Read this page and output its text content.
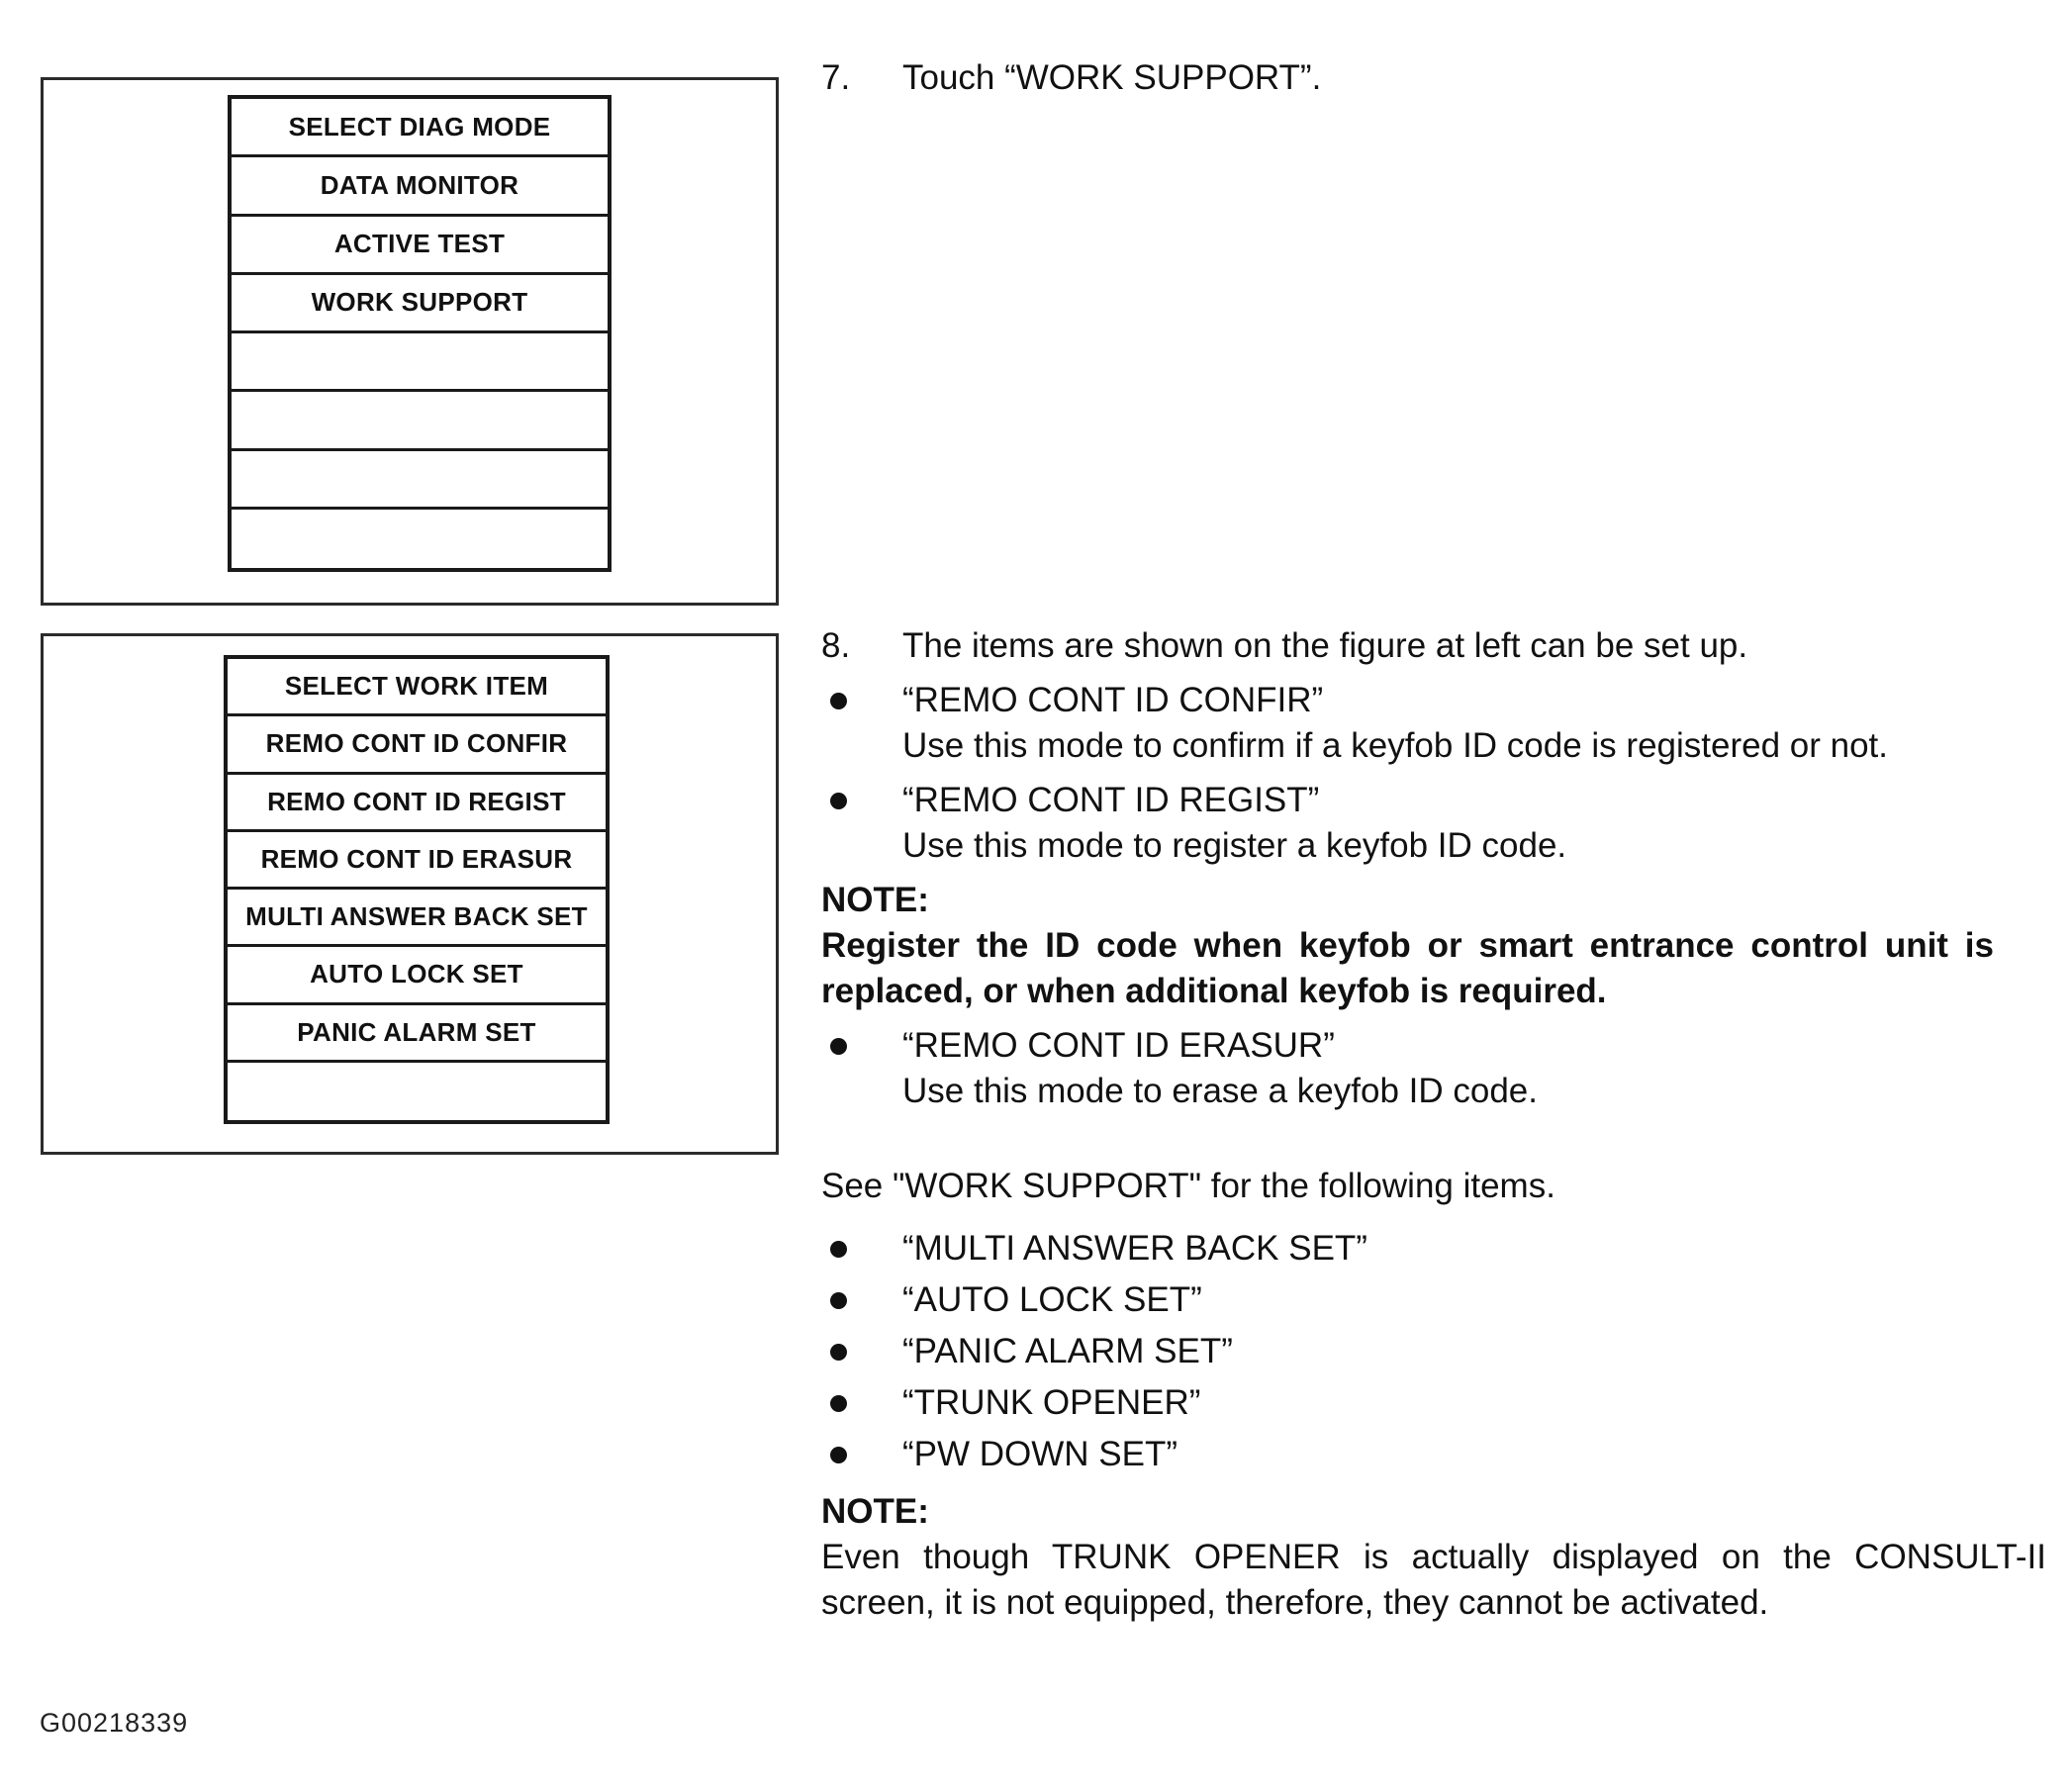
SELECT DIAG MODE
DATA MONITOR
ACTIVE TEST
WORK SUPPORT
SELECT WORK ITEM
REMO CONT ID CONFIR
REMO CONT ID REGIST
REMO CONT ID ERASUR
MULTI ANSWER BACK SET
AUTO LOCK SET
PANIC ALARM SET
7.	Touch “WORK SUPPORT”.
8.	The items are shown on the figure at left can be set up.
“REMO CONT ID CONFIR”
Use this mode to confirm if a keyfob ID code is registered or not.
“REMO CONT ID REGIST”
Use this mode to register a keyfob ID code.
NOTE:
Register the ID code when keyfob or smart entrance control unit is replaced, or when additional keyfob is required.
“REMO CONT ID ERASUR”
Use this mode to erase a keyfob ID code.
See "WORK SUPPORT" for the following items.
“MULTI ANSWER BACK SET”
“AUTO LOCK SET”
“PANIC ALARM SET”
“TRUNK OPENER”
“PW DOWN SET”
NOTE:
Even though TRUNK OPENER is actually displayed on the CONSULT-II screen, it is not equipped, therefore, they cannot be activated.
G00218339
